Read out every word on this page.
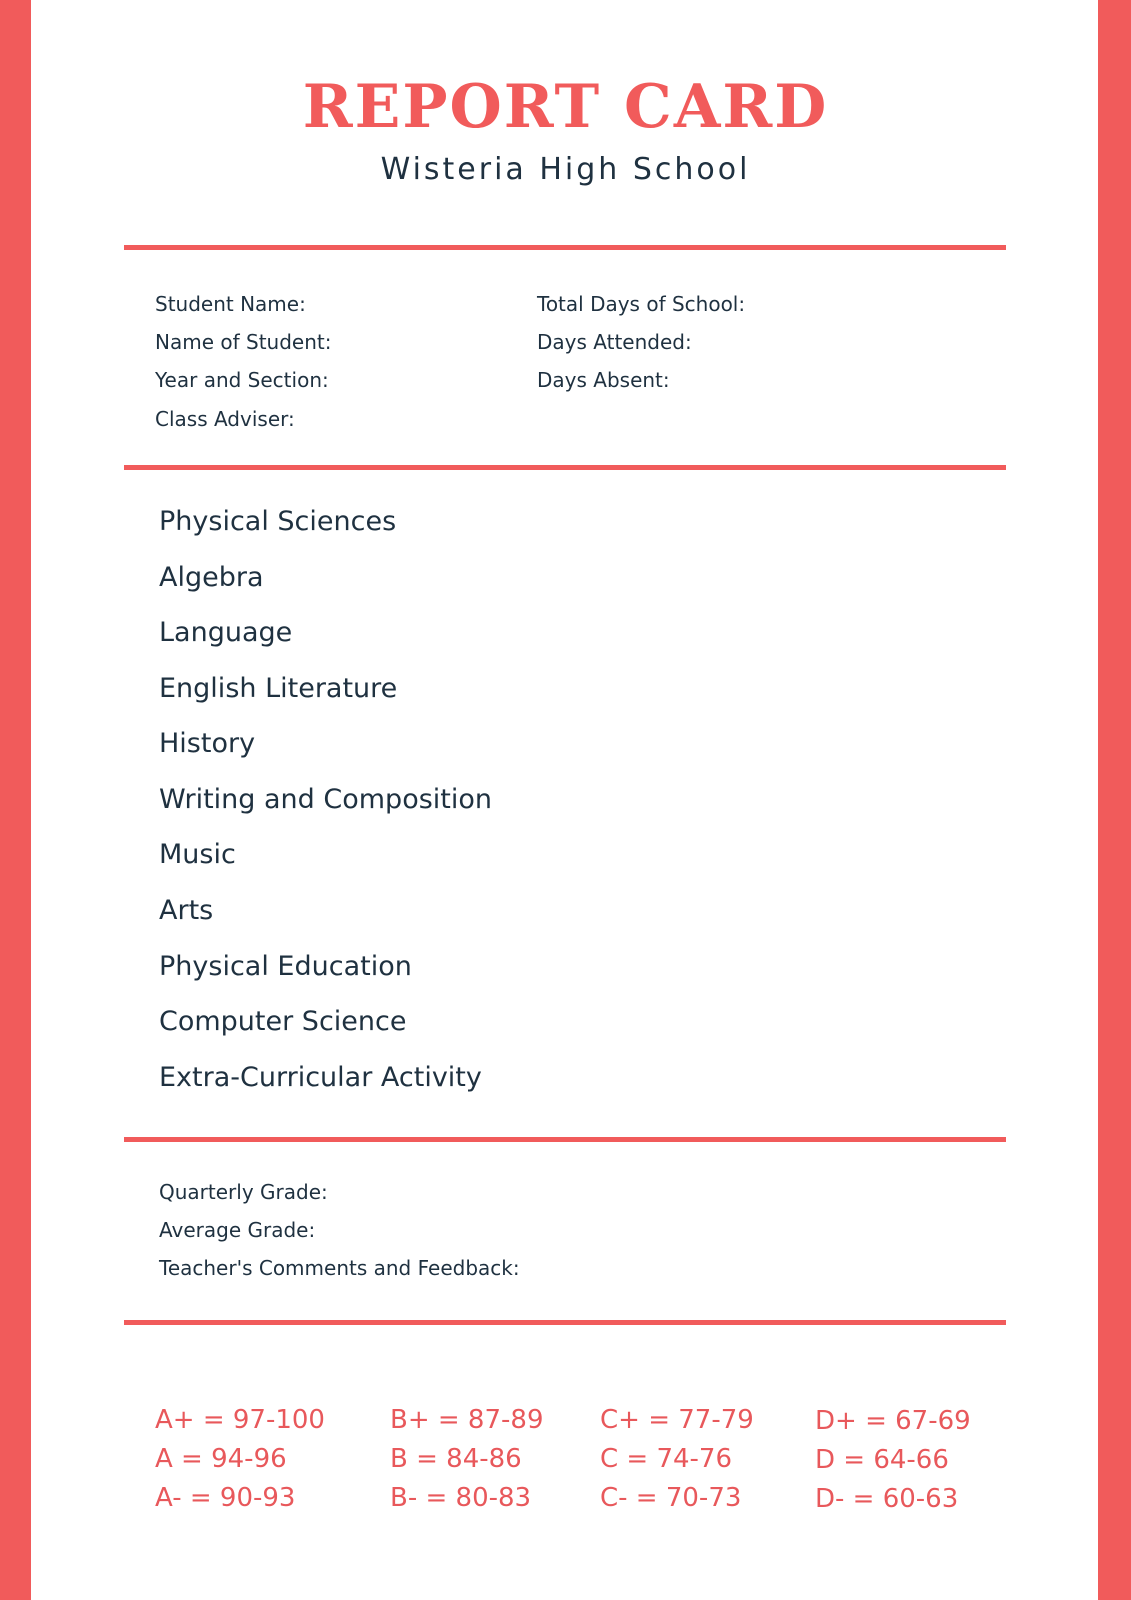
REPORT CARD
Wisteria High School
Student Name:
Name of Student:
Year and Section:
Class Adviser:
Total Days of School:
Days Attended:
Days Absent:
Physical Sciences
Algebra
Language
English Literature
History
Writing and Composition
Music
Arts
Physical Education
Computer Science
Extra-Curricular Activity
Quarterly Grade:
Average Grade:
Teacher's Comments and Feedback:
A+ = 97-100
A = 94-96
A- = 90-93
B+ = 87-89
B = 84-86
B- = 80-83
C+ = 77-79
C = 74-76
C- = 70-73
D+ = 67-69
D = 64-66
D- = 60-63
